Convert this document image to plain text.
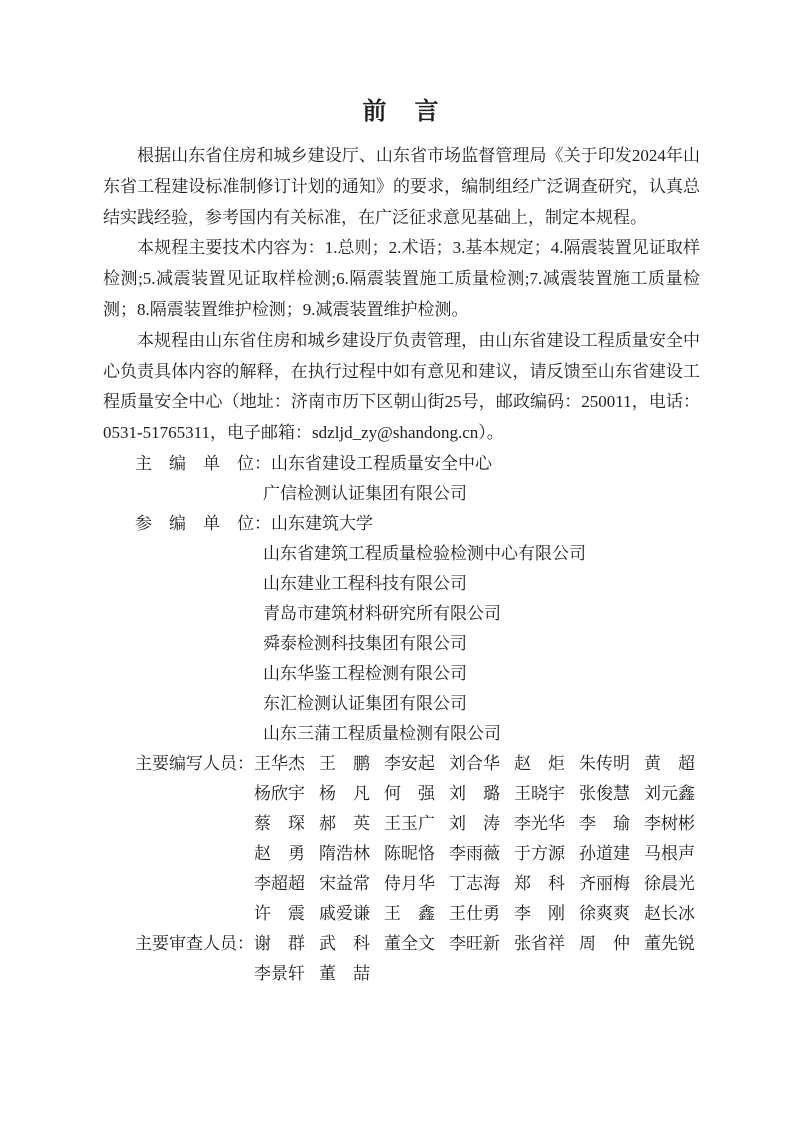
前　言

根据山东省住房和城乡建设厅、山东省市场监督管理局《关于印发2024年山东省工程建设标准制修订计划的通知》的要求，编制组经广泛调查研究，认真总结实践经验，参考国内有关标准，在广泛征求意见基础上，制定本规程。

本规程主要技术内容为：1.总则；2.术语；3.基本规定；4.隔震装置见证取样检测;5.减震装置见证取样检测;6.隔震装置施工质量检测;7.减震装置施工质量检测；8.隔震装置维护检测；9.减震装置维护检测。

本规程由山东省住房和城乡建设厅负责管理，由山东省建设工程质量安全中心负责具体内容的解释，在执行过程中如有意见和建议，请反馈至山东省建设工程质量安全中心（地址：济南市历下区朝山街25号，邮政编码：250011，电话：0531-51765311，电子邮箱：sdzljd_zy@shandong.cn）。

主　编　单　位： 山东省建设工程质量安全中心
广信检测认证集团有限公司
参　编　单　位： 山东建筑大学
山东省建筑工程质量检验检测中心有限公司
山东建业工程科技有限公司
青岛市建筑材料研究所有限公司
舜泰检测科技集团有限公司
山东华鉴工程检测有限公司
东汇检测认证集团有限公司
山东三蒲工程质量检测有限公司
主要编写人员： 王华杰 王　鹏 李安起 刘合华 赵　炬 朱传明 黄　超
杨欣宇 杨　凡 何　强 刘　璐 王晓宇 张俊慧 刘元鑫
蔡　琛 郝　英 王玉广 刘　涛 李光华 李　瑜 李树彬
赵　勇 隋浩林 陈昵恪 李雨薇 于方源 孙道建 马根声
李超超 宋益常 侍月华 丁志海 郑　科 齐丽梅 徐晨光
许　震 戚爱谦 王　鑫 王仕勇 李　刚 徐爽爽 赵长冰
主要审查人员： 谢　群 武　科 董全文 李旺新 张省祥 周　仲 董先锐
李景轩 董　喆
